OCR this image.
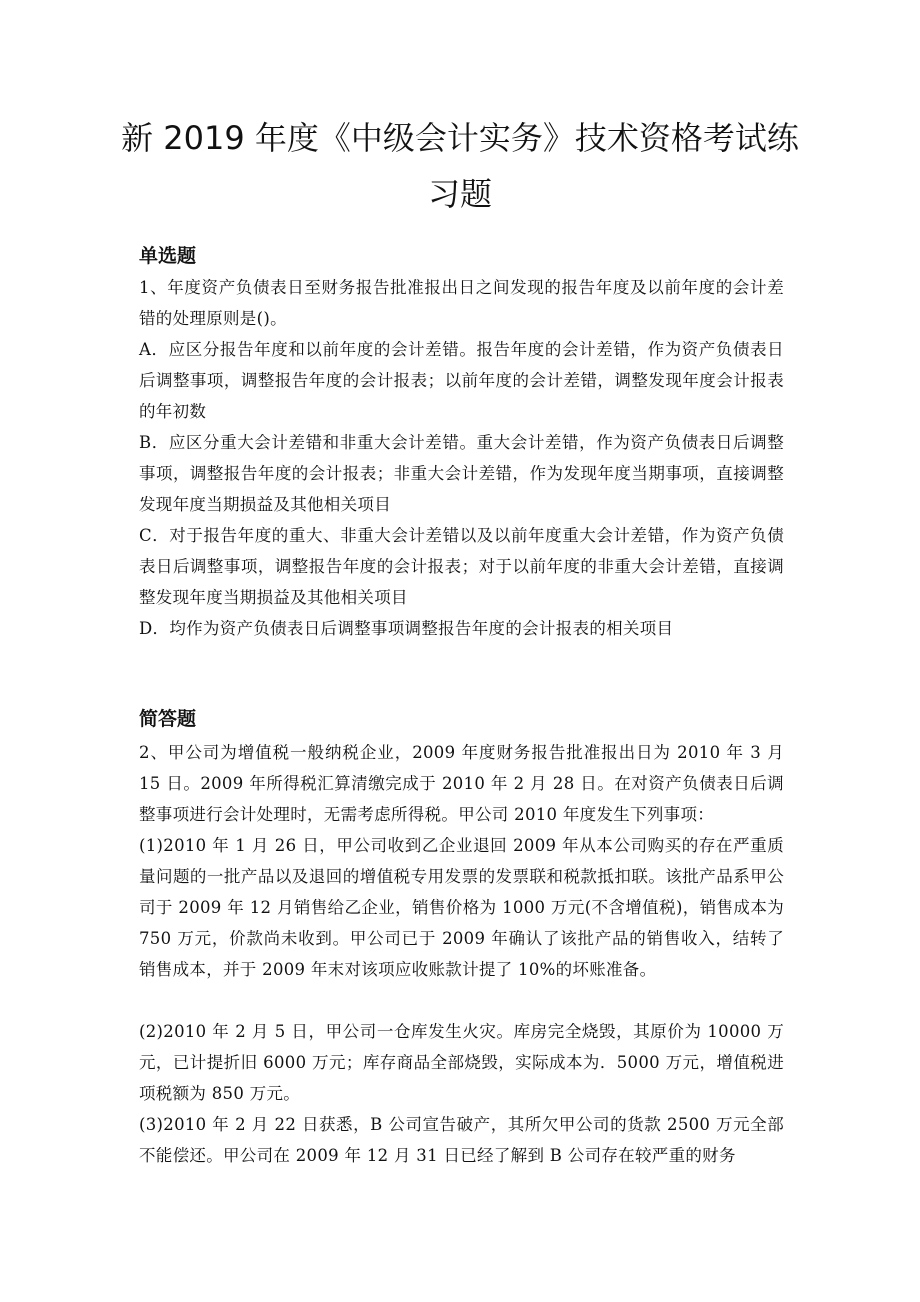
新 2019 年度《中级会计实务》技术资格考试练习题
单选题

1、年度资产负债表日至财务报告批准报出日之间发现的报告年度及以前年度的会计差错的处理原则是()。

A．应区分报告年度和以前年度的会计差错。报告年度的会计差错，作为资产负债表日后调整事项，调整报告年度的会计报表；以前年度的会计差错，调整发现年度会计报表的年初数

B．应区分重大会计差错和非重大会计差错。重大会计差错，作为资产负债表日后调整事项，调整报告年度的会计报表；非重大会计差错，作为发现年度当期事项，直接调整发现年度当期损益及其他相关项目

C．对于报告年度的重大、非重大会计差错以及以前年度重大会计差错，作为资产负债表日后调整事项，调整报告年度的会计报表；对于以前年度的非重大会计差错，直接调整发现年度当期损益及其他相关项目

D．均作为资产负债表日后调整事项调整报告年度的会计报表的相关项目

简答题

2、甲公司为增值税一般纳税企业，2009 年度财务报告批准报出日为 2010 年 3 月 15 日。2009 年所得税汇算清缴完成于 2010 年 2 月 28 日。在对资产负债表日后调整事项进行会计处理时，无需考虑所得税。甲公司 2010 年度发生下列事项：

(1)2010 年 1 月 26 日，甲公司收到乙企业退回 2009 年从本公司购买的存在严重质量问题的一批产品以及退回的增值税专用发票的发票联和税款抵扣联。该批产品系甲公司于 2009 年 12 月销售给乙企业，销售价格为 1000 万元(不含增值税)，销售成本为 750 万元，价款尚未收到。甲公司已于 2009 年确认了该批产品的销售收入，结转了销售成本，并于 2009 年末对该项应收账款计提了 10%的坏账准备。

(2)2010 年 2 月 5 日，甲公司一仓库发生火灾。库房完全烧毁，其原价为 10000 万元，已计提折旧 6000 万元；库存商品全部烧毁，实际成本为．5000 万元，增值税进项税额为 850 万元。

(3)2010 年 2 月 22 日获悉，B 公司宣告破产，其所欠甲公司的货款 2500 万元全部不能偿还。甲公司在 2009 年 12 月 31 日已经了解到 B 公司存在较严重的财务
